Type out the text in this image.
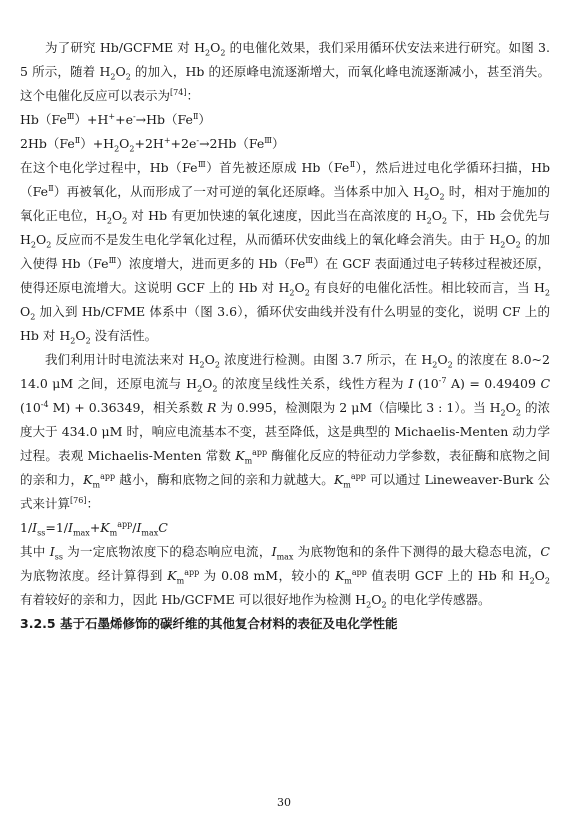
为了研究 Hb/GCFME 对 $H_2O_2$ 的电催化效果，我们采用循环伏安法来进行研究。如图 3.5 所示，随着 $H_2O_2$ 的加入，Hb 的还原峰电流逐渐增大，而氧化峰电流逐渐减小，甚至消失。这个电催化反应可以表示为[74]：

$Hb(Fe^Ⅲ)+H^++e^-\to Hb(Fe^Ⅱ)$

$2Hb(Fe^Ⅱ)+H_2O_2+2H^++2e^-\to 2Hb(Fe^Ⅲ)$

在这个电化学过程中，$Hb(Fe^Ⅲ)$首先被还原成 $Hb(Fe^Ⅱ)$，然后进过电化学循环扫描，$Hb(Fe^Ⅱ)$再被氧化，从而形成了一对可逆的氧化还原峰。当体系中加入 $H_2O_2$ 时，相对于施加的氧化正电位，$H_2O_2$ 对 Hb 有更加快速的氧化速度，因此当在高浓度的 $H_2O_2$ 下，Hb 会优先与 $H_2O_2$ 反应而不是发生电化学氧化过程，从而循环伏安曲线上的氧化峰会消失。由于 $H_2O_2$ 的加入使得 $Hb(Fe^Ⅲ)$浓度增大，进而更多的 $Hb(Fe^Ⅲ)$在 GCF 表面通过电子转移过程被还原，使得还原电流增大。这说明 GCF 上的 Hb 对 $H_2O_2$ 有良好的电催化活性。相比较而言，当 $H_2O_2$ 加入到 Hb/CFME 体系中（图 3.6），循环伏安曲线并没有什么明显的变化，说明 CF 上的 Hb 对 $H_2O_2$ 没有活性。

我们利用计时电流法来对 $H_2O_2$ 浓度进行检测。由图 3.7 所示，在 $H_2O_2$ 的浓度在 8.0~214.0 μM 之间，还原电流与 $H_2O_2$ 的浓度呈线性关系，线性方程为 I ($10^{-7}$ A) = 0.49409 C ($10^{-4}$ M) + 0.36349，相关系数 R 为 0.995，检测限为 2 μM（信噪比 3 : 1）。当 $H_2O_2$ 的浓度大于 434.0 μM 时，响应电流基本不变，甚至降低，这是典型的 Michaelis-Menten 动力学过程。表观 Michaelis-Menten 常数 $K_m^{app}$ 酶催化反应的特征动力学参数，表征酶和底物之间的亲和力，$K_m^{app}$ 越小，酶和底物之间的亲和力就越大。$K_m^{app}$ 可以通过 Lineweaver-Burk 公式来计算[76]：

$1/I_{ss}=1/I_{max}+K_m^{app}/I_{max}C$

其中 $I_{ss}$ 为一定底物浓度下的稳态响应电流，$I_{max}$ 为底物饱和的条件下测得的最大稳态电流，C 为底物浓度。经计算得到 $K_m^{app}$ 为 0.08 mM，较小的 $K_m^{app}$ 值表明 GCF 上的 Hb 和 $H_2O_2$ 有着较好的亲和力，因此 Hb/GCFME 可以很好地作为检测 $H_2O_2$ 的电化学传感器。

3.2.5 基于石墨烯修饰的碳纤维的其他复合材料的表征及电化学性能

30
